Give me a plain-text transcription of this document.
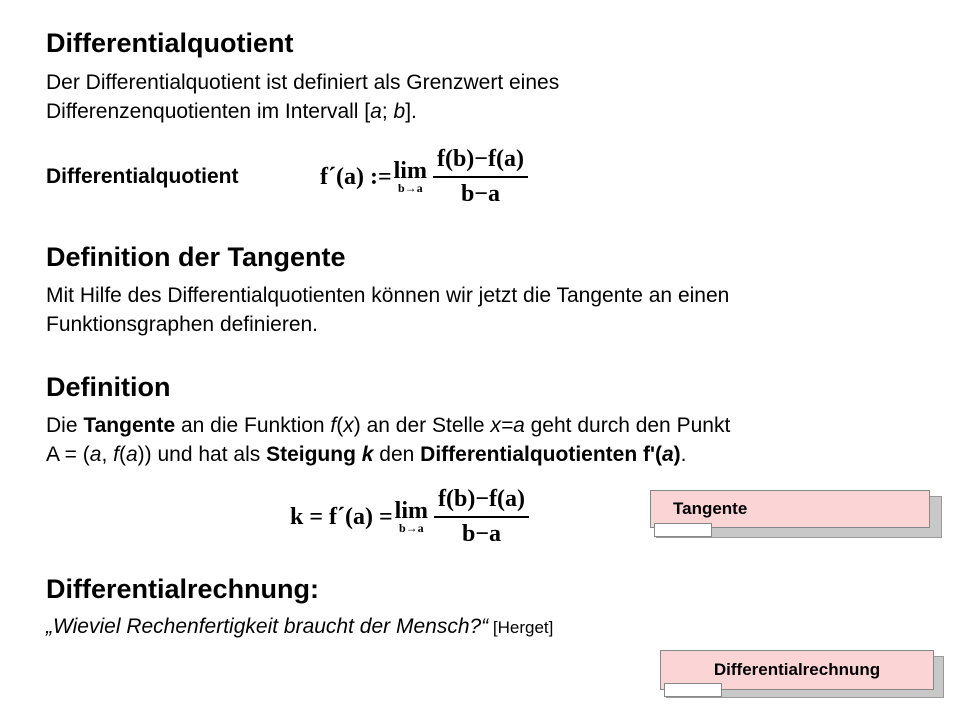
Differentialquotient
Der Differentialquotient ist definiert als Grenzwert eines
Differenzenquotienten im Intervall [a; b].
Differentialquotient	f´(a) := lim
$b\to a \frac{f(b)-f(a)}{b-a}$
Definition der Tangente
Mit Hilfe des Differentialquotienten können wir jetzt die Tangente an einen
Funktionsgraphen definieren.
Definition
Die Tangente an die Funktion f(x) an der Stelle x=a geht durch den Punkt
A = (a, f(a)) und hat als Steigung k den Differentialquotienten f'(a).
k = f´(a) = lim
$b\to a \frac{f(b)-f(a)}{b-a}$	Tangente
Differentialrechnung:
„Wieviel Rechenfertigkeit braucht der Mensch?“ [Herget]
Differentialrechnung
